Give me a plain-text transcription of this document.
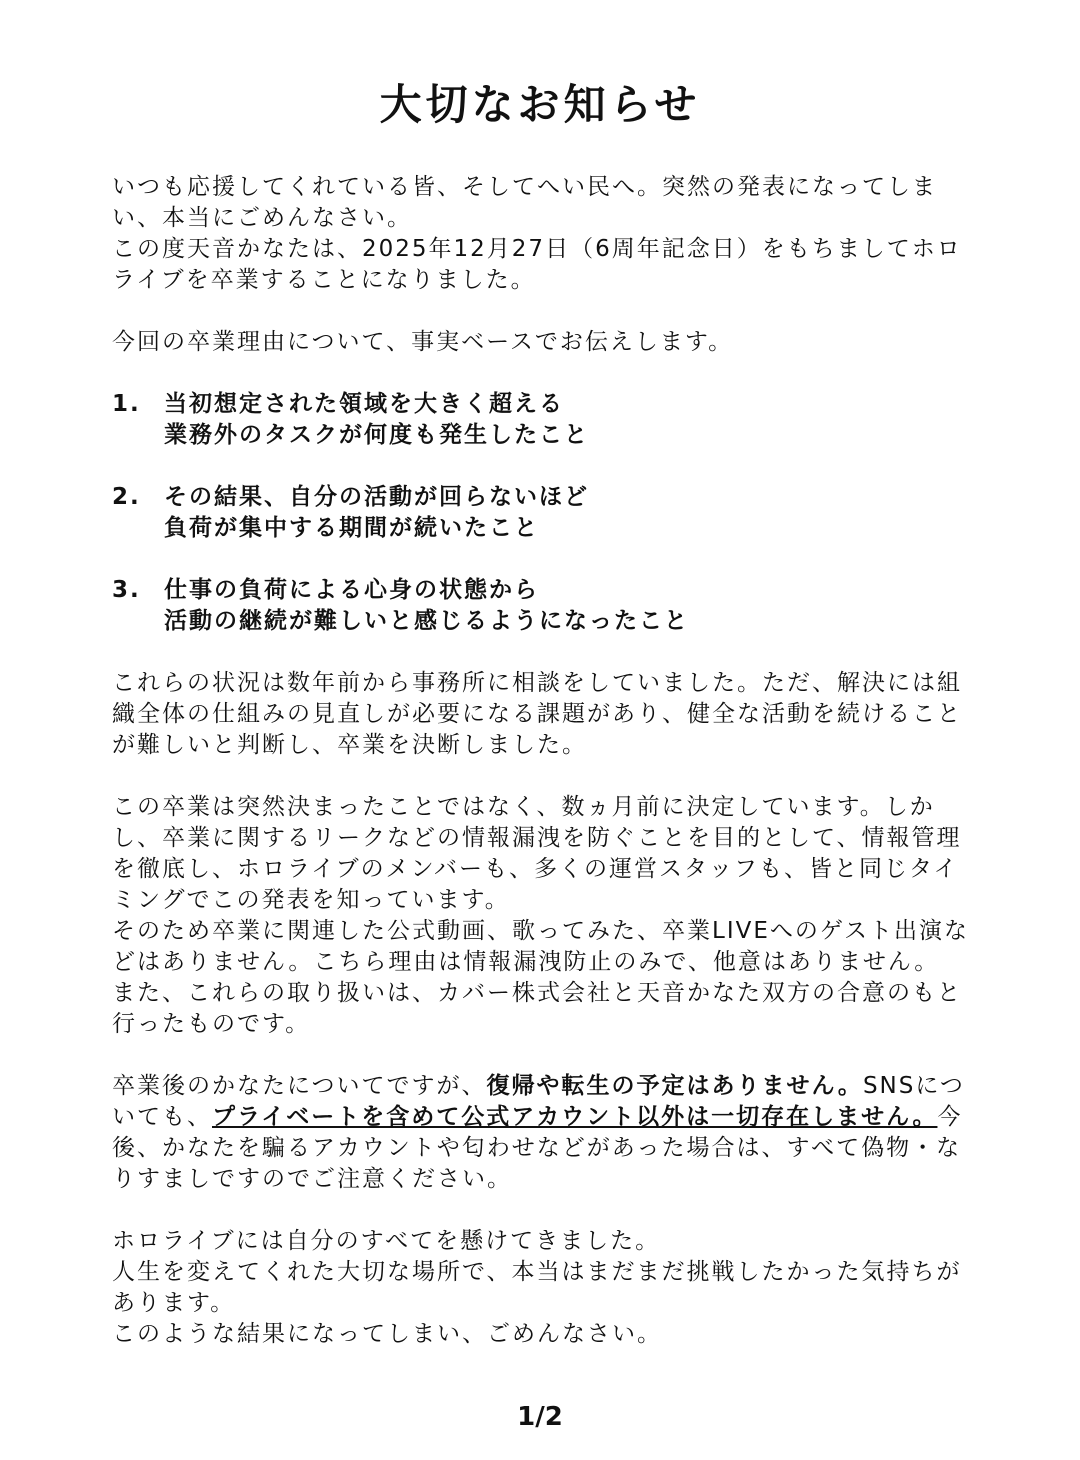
大切なお知らせ

いつも応援してくれている皆、そしてへい民へ。突然の発表になってしまい、本当にごめんなさい。

この度天音かなたは、2025年12月27日（6周年記念日）をもちましてホロライブを卒業することになりました。

今回の卒業理由について、事実ベースでお伝えします。

1.	当初想定された領域を大きく超える
業務外のタスクが何度も発生したこと
2.	その結果、自分の活動が回らないほど
負荷が集中する期間が続いたこと
3.	仕事の負荷による心身の状態から
活動の継続が難しいと感じるようになったこと

これらの状況は数年前から事務所に相談をしていました。ただ、解決には組織全体の仕組みの見直しが必要になる課題があり、健全な活動を続けることが難しいと判断し、卒業を決断しました。

この卒業は突然決まったことではなく、数ヵ月前に決定しています。しかし、卒業に関するリークなどの情報漏洩を防ぐことを目的として、情報管理を徹底し、ホロライブのメンバーも、多くの運営スタッフも、皆と同じタイミングでこの発表を知っています。

そのため卒業に関連した公式動画、歌ってみた、卒業LIVEへのゲスト出演などはありません。こちら理由は情報漏洩防止のみで、他意はありません。

また、これらの取り扱いは、カバー株式会社と天音かなた双方の合意のもと行ったものです。

卒業後のかなたについてですが、復帰や転生の予定はありません。SNSについても、プライベートを含めて公式アカウント以外は一切存在しません。今後、かなたを騙るアカウントや匂わせなどがあった場合は、すべて偽物・なりすましですのでご注意ください。

ホロライブには自分のすべてを懸けてきました。

人生を変えてくれた大切な場所で、本当はまだまだ挑戦したかった気持ちがあります。

このような結果になってしまい、ごめんなさい。

1/2
